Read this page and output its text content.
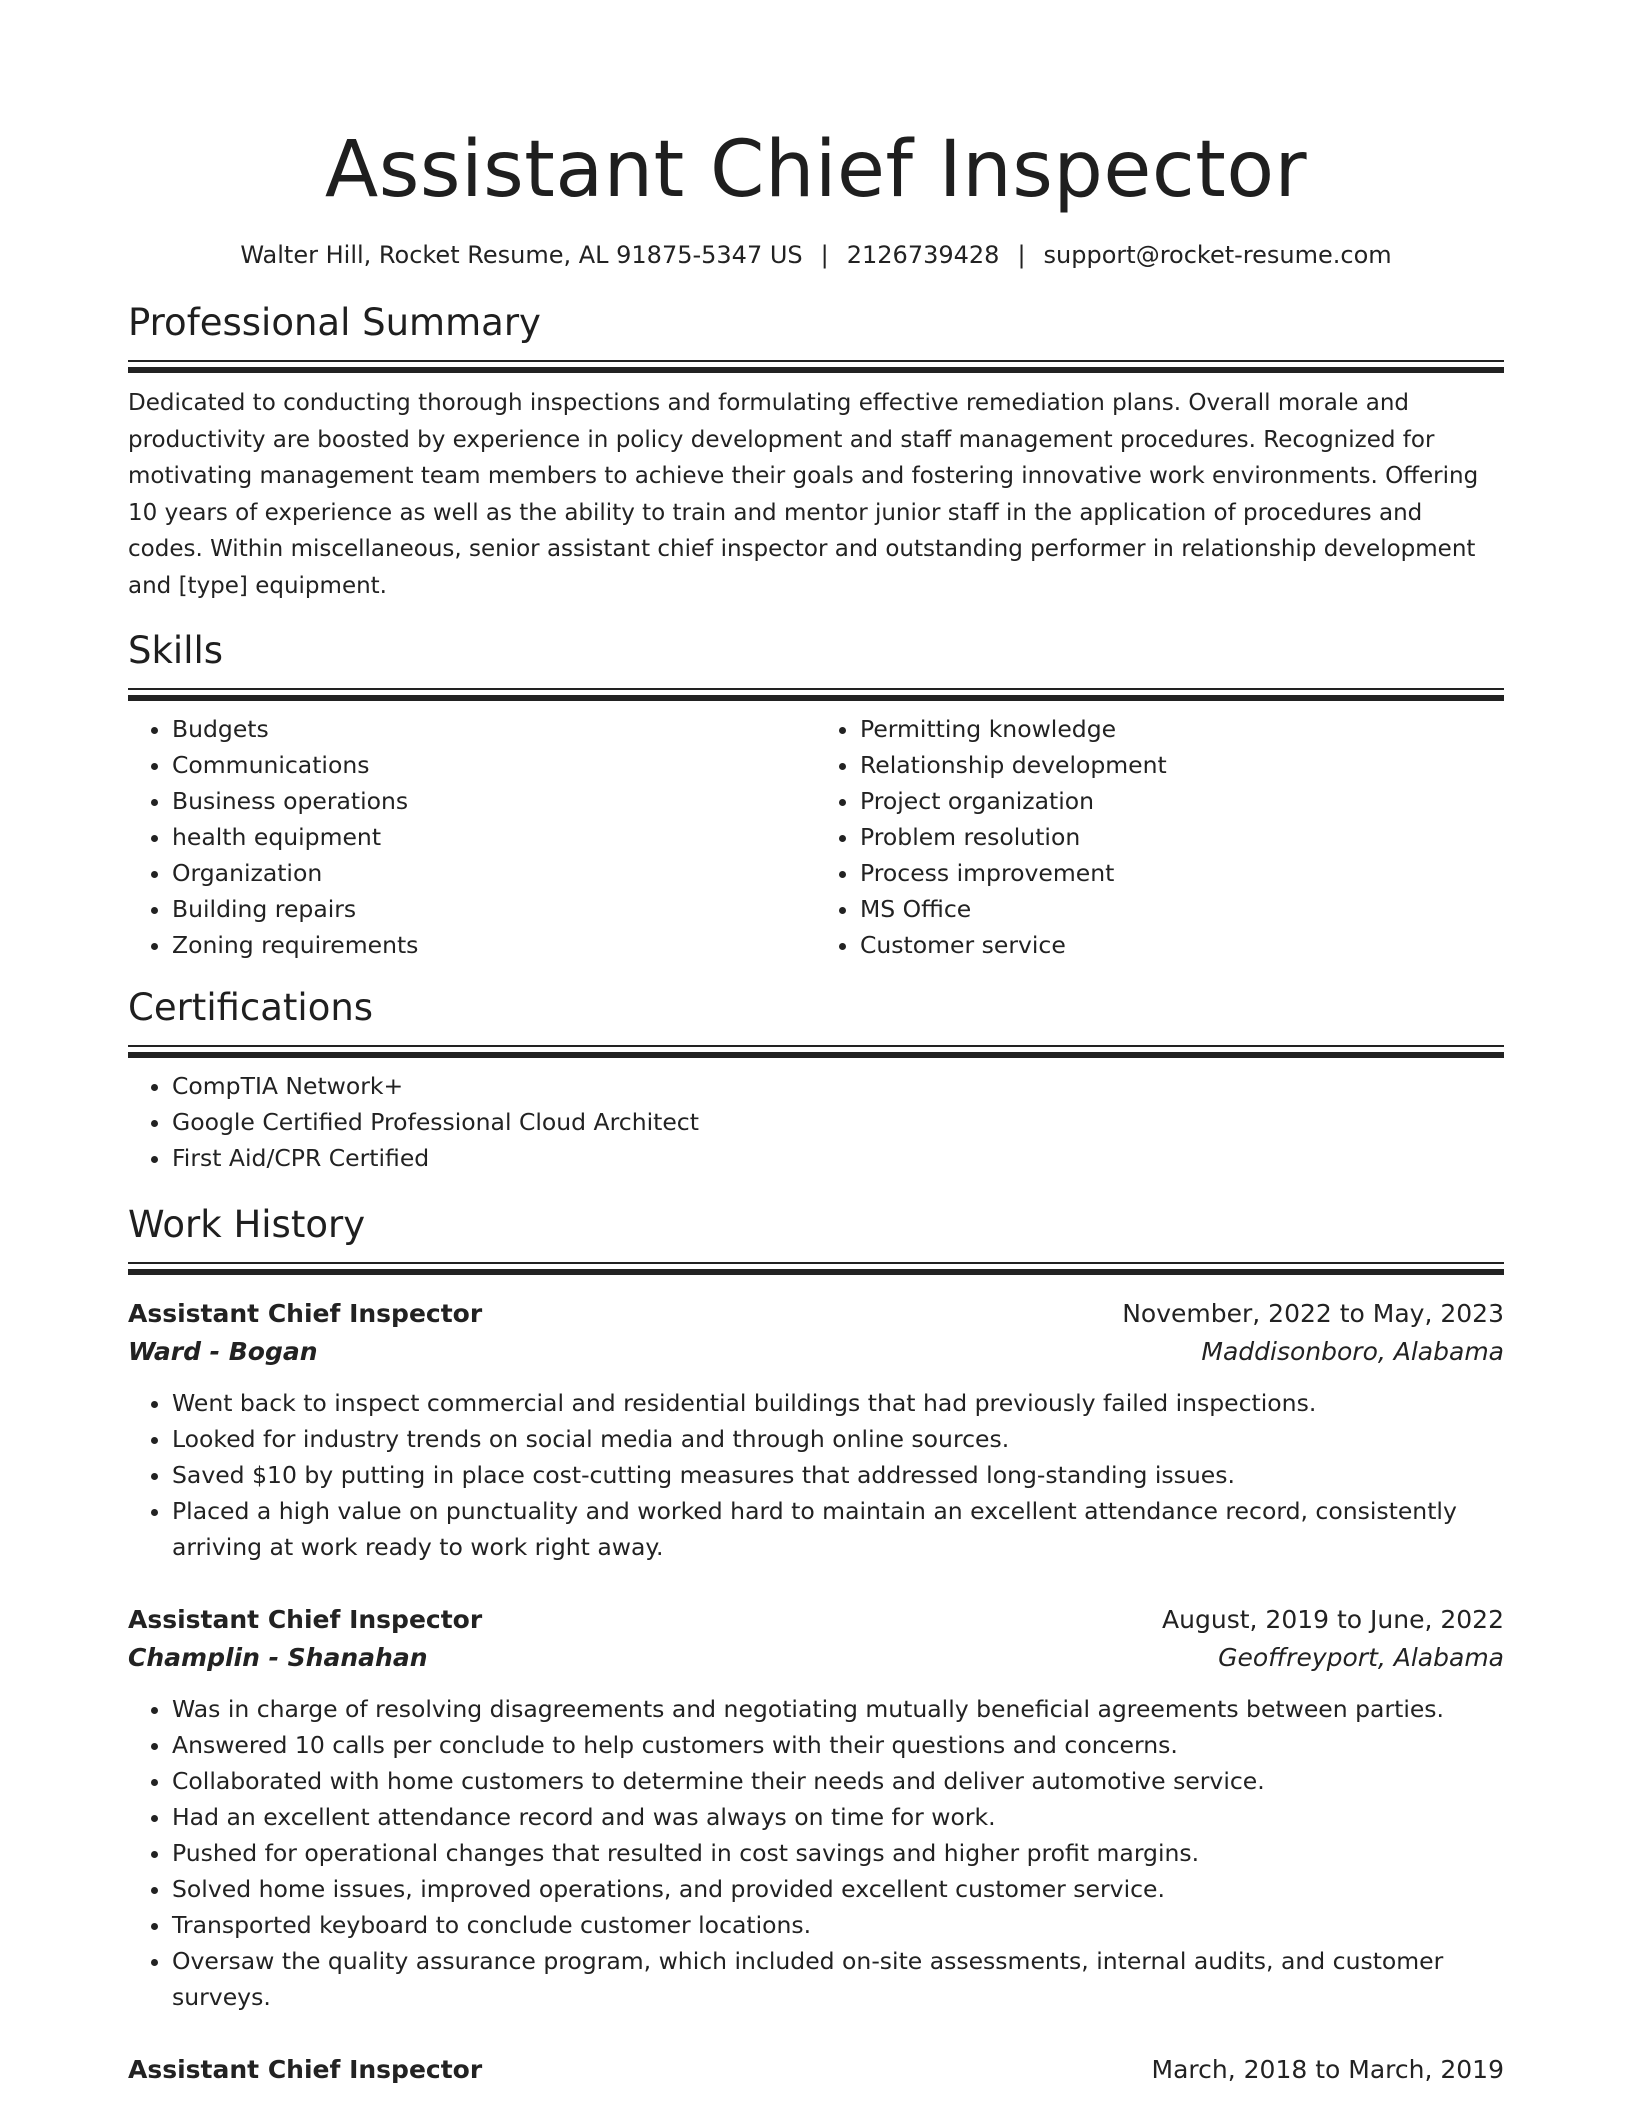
Assistant Chief Inspector
Walter Hill, Rocket Resume, AL 91875-5347 US | 2126739428 | support@rocket-resume.com
Professional Summary

Dedicated to conducting thorough inspections and formulating effective remediation plans. Overall morale and productivity are boosted by experience in policy development and staff management procedures. Recognized for motivating management team members to achieve their goals and fostering innovative work environments. Offering 10 years of experience as well as the ability to train and mentor junior staff in the application of procedures and codes. Within miscellaneous, senior assistant chief inspector and outstanding performer in relationship development and [type] equipment.

Skills
• Budgets
• Communications
• Business operations
• health equipment
• Organization
• Building repairs
• Zoning requirements
• Permitting knowledge
• Relationship development
• Project organization
• Problem resolution
• Process improvement
• MS Office
• Customer service
Certifications
• CompTIA Network+
• Google Certified Professional Cloud Architect
• First Aid/CPR Certified
Work History
Assistant Chief Inspector	November, 2022 to May, 2023
Ward - Bogan	Maddisonboro, Alabama
• Went back to inspect commercial and residential buildings that had previously failed inspections.
• Looked for industry trends on social media and through online sources.
• Saved $10 by putting in place cost-cutting measures that addressed long-standing issues.
• Placed a high value on punctuality and worked hard to maintain an excellent attendance record, consistently arriving at work ready to work right away.
Assistant Chief Inspector	August, 2019 to June, 2022
Champlin - Shanahan	Geoffreyport, Alabama
• Was in charge of resolving disagreements and negotiating mutually beneficial agreements between parties.
• Answered 10 calls per conclude to help customers with their questions and concerns.
• Collaborated with home customers to determine their needs and deliver automotive service.
• Had an excellent attendance record and was always on time for work.
• Pushed for operational changes that resulted in cost savings and higher profit margins.
• Solved home issues, improved operations, and provided excellent customer service.
• Transported keyboard to conclude customer locations.
• Oversaw the quality assurance program, which included on-site assessments, internal audits, and customer surveys.
Assistant Chief Inspector	March, 2018 to March, 2019
